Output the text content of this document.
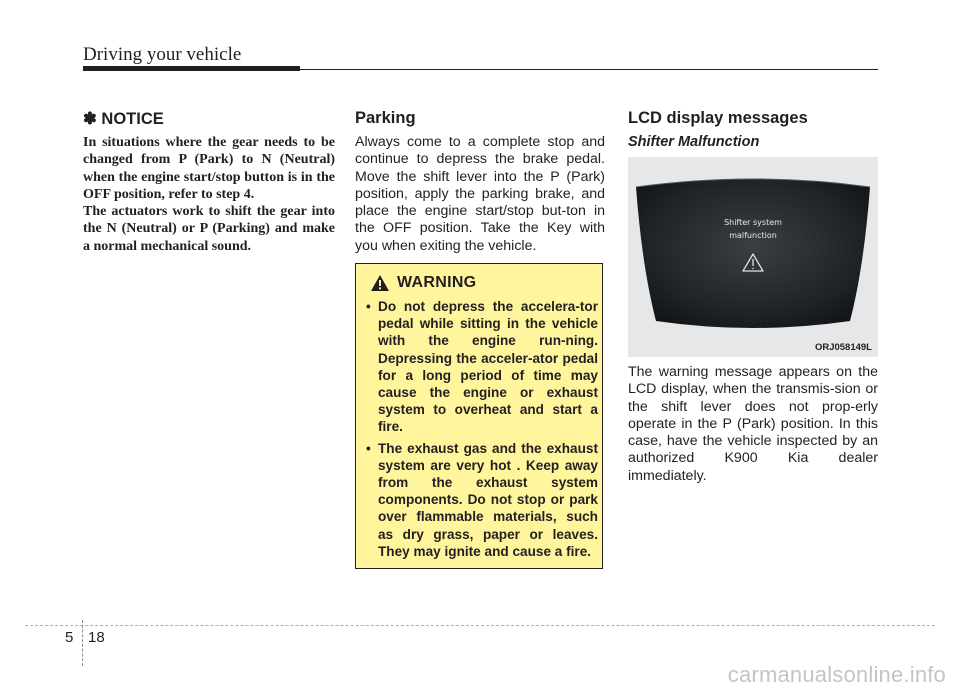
Driving your vehicle
✽ NOTICE

In situations where the gear needs to be changed from P (Park) to N (Neutral) when the engine start/stop button is in the OFF position, refer to step 4.

The actuators work to shift the gear into the N (Neutral) or P (Parking) and make a normal mechanical sound.

Parking

Always come to a complete stop and continue to depress the brake pedal. Move the shift lever into the P (Park) position, apply the parking brake, and place the engine start/stop but-ton in the OFF position. Take the Key with you when exiting the vehicle.

WARNING
• Do not depress the accelera-tor pedal while sitting in the vehicle with the engine run-ning. Depressing the acceler-ator pedal for a long period of time may cause the engine or exhaust system to overheat and start a fire.
• The exhaust gas and the exhaust system are very hot . Keep away from the exhaust system components. Do not stop or park over flammable materials, such as dry grass, paper or leaves. They may ignite and cause a fire.
LCD display messages
Shifter Malfunction
Shifter system
malfunction
ORJ058149L

The warning message appears on the LCD display, when the transmis-sion or the shift lever does not prop-erly operate in the P (Park) position. In this case, have the vehicle inspected by an authorized K900 Kia dealer immediately.

5 18
carmanualsonline.info
